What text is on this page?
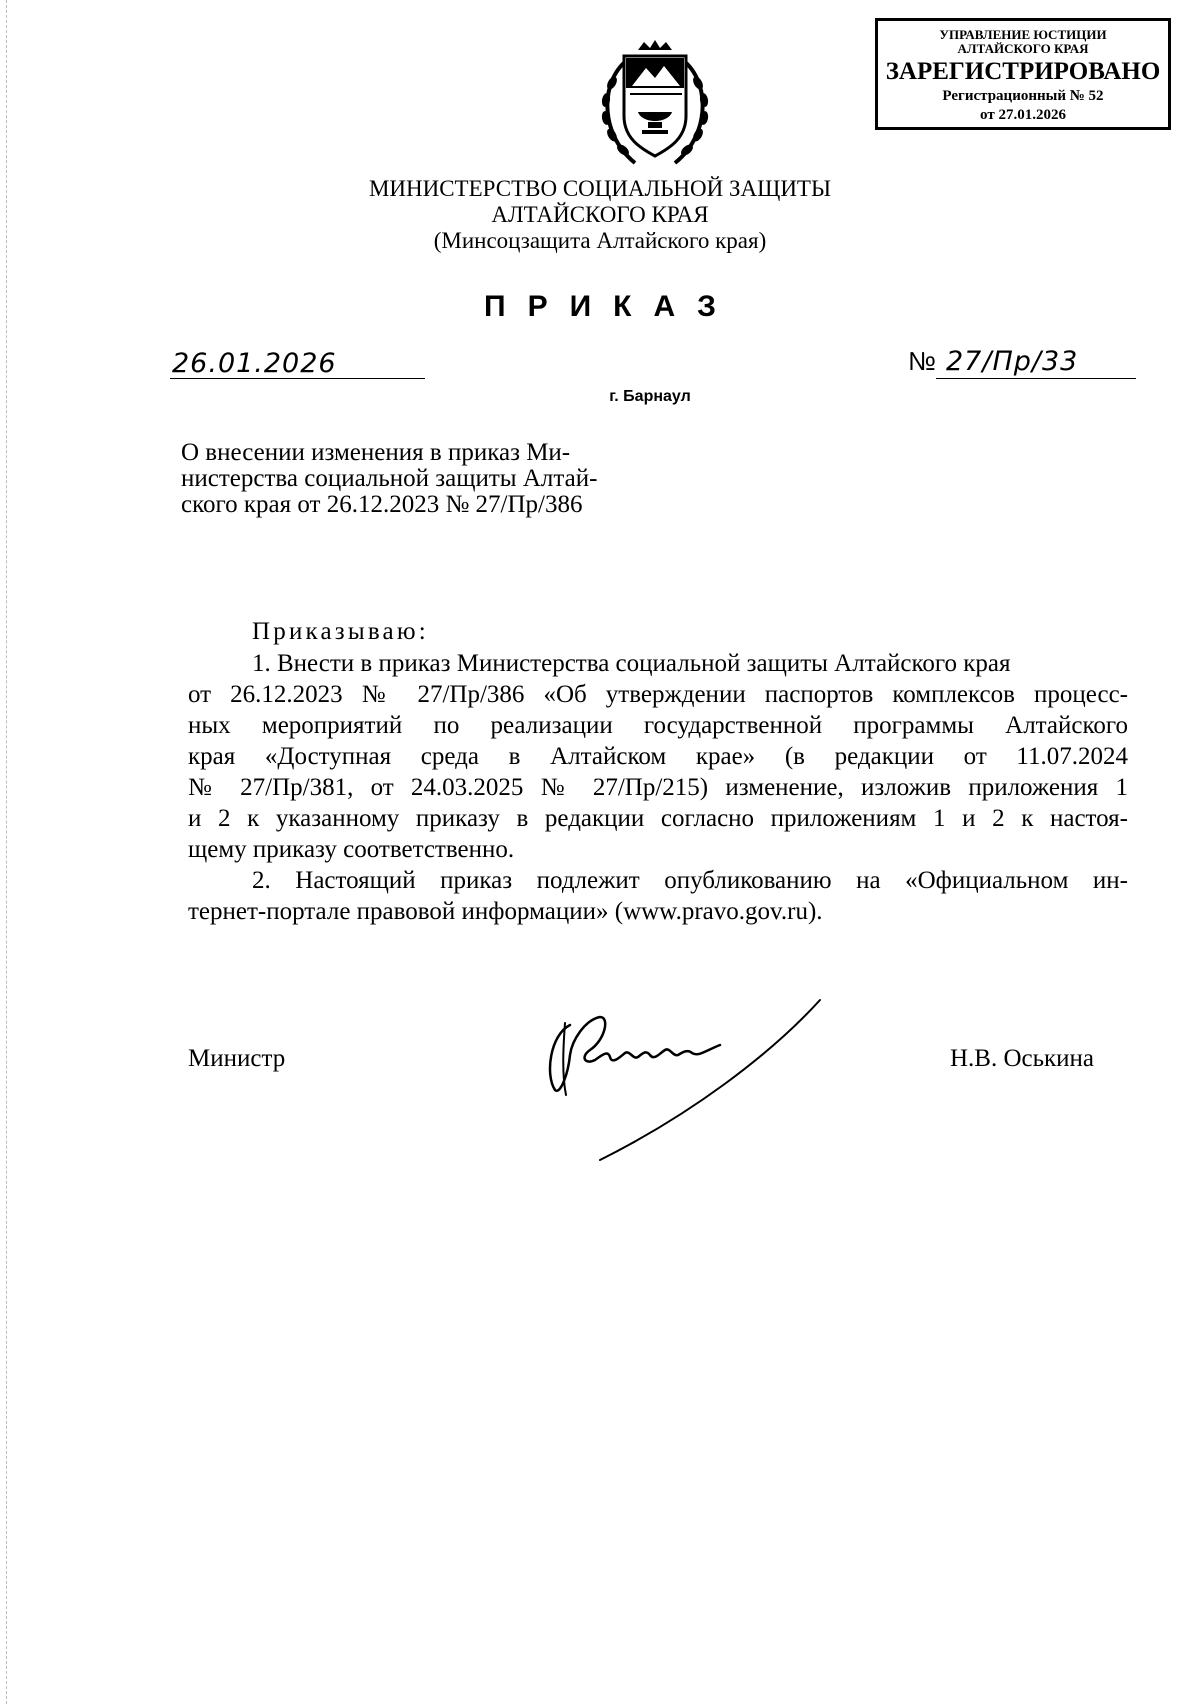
УПРАВЛЕНИЕ ЮСТИЦИИ
АЛТАЙСКОГО КРАЯ
ЗАРЕГИСТРИРОВАНО
Регистрационный № 52
от 27.01.2026
МИНИСТЕРСТВО СОЦИАЛЬНОЙ ЗАЩИТЫ
АЛТАЙСКОГО КРАЯ
(Минсоцзащита Алтайского края)
ПРИКАЗ
26.01.2026	№ 27/Пр/33
г. Барнаул
О внесении изменения в приказ Ми-
нистерства социальной защиты Алтай-
ского края от 26.12.2023 № 27/Пр/386
Приказываю:
1. Внести в приказ Министерства социальной защиты Алтайского края
от 26.12.2023 № 27/Пр/386 «Об утверждении паспортов комплексов процесс-
ных мероприятий по реализации государственной программы Алтайского
края «Доступная среда в Алтайском крае» (в редакции от 11.07.2024
№ 27/Пр/381, от 24.03.2025 № 27/Пр/215) изменение, изложив приложения 1
и 2 к указанному приказу в редакции согласно приложениям 1 и 2 к настоя-
щему приказу соответственно.
2. Настоящий приказ подлежит опубликованию на «Официальном ин-
тернет-портале правовой информации» (www.pravo.gov.ru).
Министр	Н.В. Оськина
